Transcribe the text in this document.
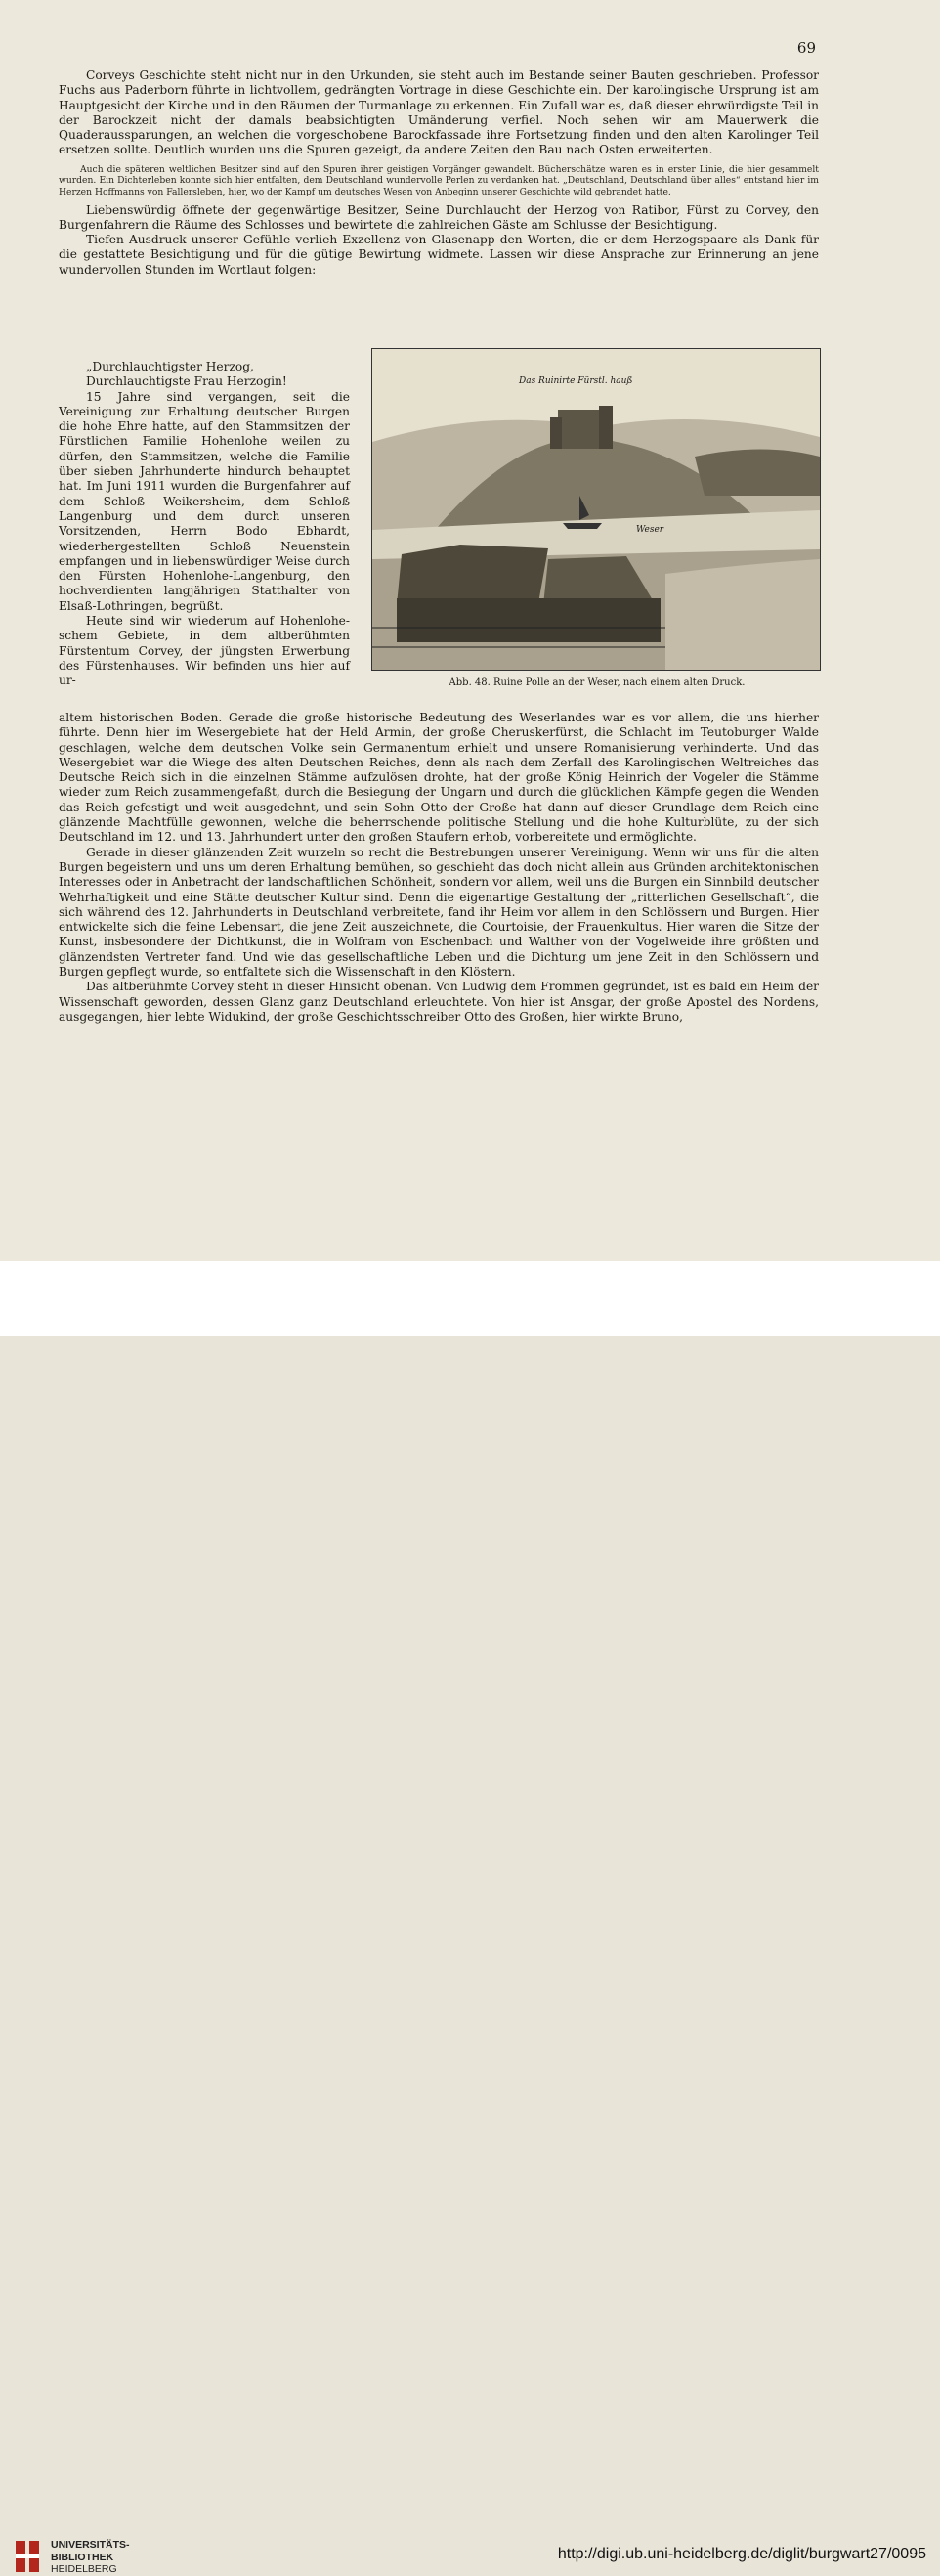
69

Corveys Geschichte steht nicht nur in den Urkunden, sie steht auch im Bestande seiner Bauten geschrieben. Professor Fuchs aus Paderborn führte in lichtvollem, gedrängten Vortrage in diese Geschichte ein. Der karolingische Ursprung ist am Hauptgesicht der Kirche und in den Räumen der Turmanlage zu erkennen. Ein Zufall war es, daß dieser ehrwürdigste Teil in der Barockzeit nicht der damals beabsichtigten Umänderung verfiel. Noch sehen wir am Mauerwerk die Quaderaussparungen, an welchen die vorgeschobene Barockfassade ihre Fortsetzung finden und den alten Karolinger Teil ersetzen sollte. Deutlich wurden uns die Spuren gezeigt, da andere Zeiten den Bau nach Osten erweiterten.

Auch die späteren weltlichen Besitzer sind auf den Spuren ihrer geistigen Vorgänger gewandelt. Bücherschätze waren es in erster Linie, die hier gesammelt wurden. Ein Dichterleben konnte sich hier entfalten, dem Deutschland wundervolle Perlen zu verdanken hat. „Deutschland, Deutschland über alles“ entstand hier im Herzen Hoffmanns von Fallersleben, hier, wo der Kampf um deutsches Wesen von Anbeginn unserer Geschichte wild gebrandet hatte.

Liebenswürdig öffnete der gegenwärtige Besitzer, Seine Durchlaucht der Herzog von Ratibor, Fürst zu Corvey, den Burgenfahrern die Räume des Schlosses und bewirtete die zahlreichen Gäste am Schlusse der Besichtigung.

Tiefen Ausdruck unserer Gefühle verlieh Exzellenz von Glasenapp den Worten, die er dem Herzogspaare als Dank für die gestattete Besichtigung und für die gütige Bewirtung widmete. Lassen wir diese Ansprache zur Erinnerung an jene wundervollen Stunden im Wortlaut folgen:

„Durchlauchtigster Herzog,

Durchlauchtigste Frau Herzogin!

15 Jahre sind vergangen, seit die Vereinigung zur Erhaltung deutscher Burgen die hohe Ehre hatte, auf den Stammsitzen der Fürstlichen Familie Hohenlohe weilen zu dürfen, den Stammsitzen, welche die Familie über sieben Jahrhunderte hindurch behauptet hat. Im Juni 1911 wurden die Burgenfahrer auf dem Schloß Weikersheim, dem Schloß Langenburg und dem durch unseren Vorsitzenden, Herrn Bodo Ebhardt, wiederhergestellten Schloß Neuenstein empfangen und in liebenswürdiger Weise durch den Fürsten Hohenlohe-Langenburg, den hochverdienten langjährigen Statthalter von Elsaß-Lothringen, begrüßt.

Heute sind wir wiederum auf Hohenlohe-schem Gebiete, in dem altberühmten Fürstentum Corvey, der jüngsten Erwerbung des Fürstenhauses. Wir befinden uns hier auf ur-

Das Ruinirte Fürstl. hauß
Weser
Abb. 48. Ruine Polle an der Weser, nach einem alten Druck.

altem historischen Boden. Gerade die große historische Bedeutung des Weserlandes war es vor allem, die uns hierher führte. Denn hier im Wesergebiete hat der Held Armin, der große Cheruskerfürst, die Schlacht im Teutoburger Walde geschlagen, welche dem deutschen Volke sein Germanentum erhielt und unsere Romanisierung verhinderte. Und das Wesergebiet war die Wiege des alten Deutschen Reiches, denn als nach dem Zerfall des Karolingischen Weltreiches das Deutsche Reich sich in die einzelnen Stämme aufzulösen drohte, hat der große König Heinrich der Vogeler die Stämme wieder zum Reich zusammengefaßt, durch die Besiegung der Ungarn und durch die glücklichen Kämpfe gegen die Wenden das Reich gefestigt und weit ausgedehnt, und sein Sohn Otto der Große hat dann auf dieser Grundlage dem Reich eine glänzende Machtfülle gewonnen, welche die beherrschende politische Stellung und die hohe Kulturblüte, zu der sich Deutschland im 12. und 13. Jahrhundert unter den großen Staufern erhob, vorbereitete und ermöglichte.

Gerade in dieser glänzenden Zeit wurzeln so recht die Bestrebungen unserer Vereinigung. Wenn wir uns für die alten Burgen begeistern und uns um deren Erhaltung bemühen, so geschieht das doch nicht allein aus Gründen architektonischen Interesses oder in Anbetracht der landschaftlichen Schönheit, sondern vor allem, weil uns die Burgen ein Sinnbild deutscher Wehrhaftigkeit und eine Stätte deutscher Kultur sind. Denn die eigenartige Gestaltung der „ritterlichen Gesellschaft“, die sich während des 12. Jahrhunderts in Deutschland verbreitete, fand ihr Heim vor allem in den Schlössern und Burgen. Hier entwickelte sich die feine Lebensart, die jene Zeit auszeichnete, die Courtoisie, der Frauenkultus. Hier waren die Sitze der Kunst, insbesondere der Dichtkunst, die in Wolfram von Eschenbach und Walther von der Vogelweide ihre größten und glänzendsten Vertreter fand. Und wie das gesellschaftliche Leben und die Dichtung um jene Zeit in den Schlössern und Burgen gepflegt wurde, so entfaltete sich die Wissenschaft in den Klöstern.

Das altberühmte Corvey steht in dieser Hinsicht obenan. Von Ludwig dem Frommen gegründet, ist es bald ein Heim der Wissenschaft geworden, dessen Glanz ganz Deutschland erleuchtete. Von hier ist Ansgar, der große Apostel des Nordens, ausgegangen, hier lebte Widukind, der große Geschichtsschreiber Otto des Großen, hier wirkte Bruno,

UNIVERSITÄTS-
BIBLIOTHEK
HEIDELBERG
http://digi.ub.uni-heidelberg.de/diglit/burgwart27/0095
